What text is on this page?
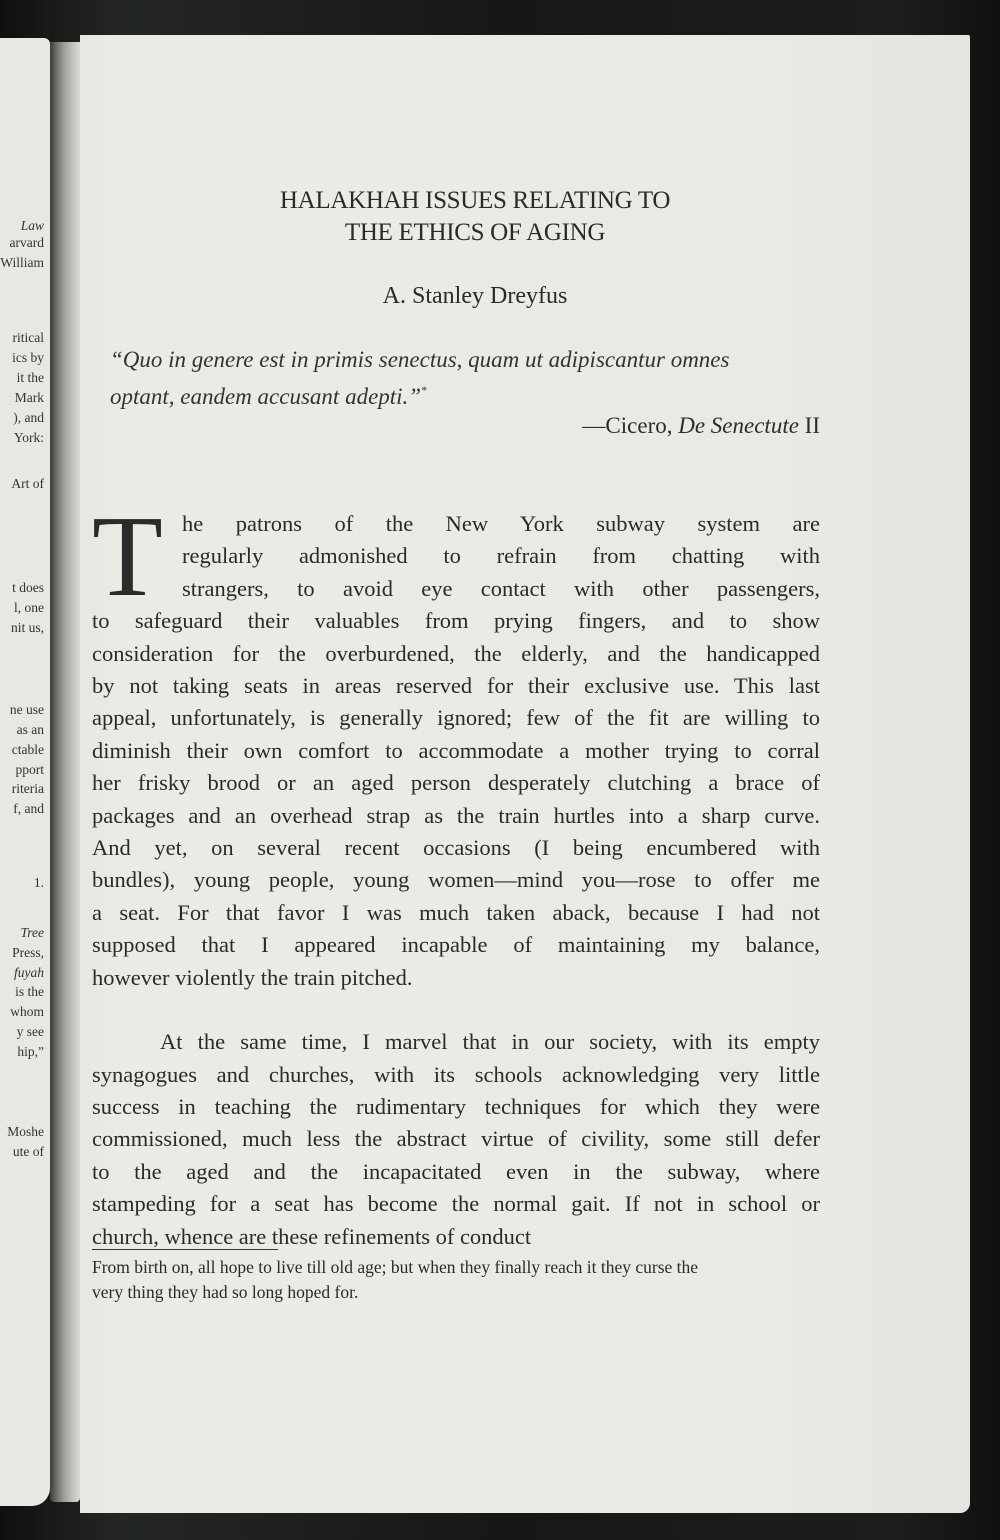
Law
arvard
William
ritical
ics by
it the
Mark
), and
York:
Art of
t does
l, one
nit us,
ne use
as an
ctable
pport
riteria
f, and
1.
Tree
Press,
fuyah
is the
whom
y see
hip,”
Moshe
ute of
HALAKHAH ISSUES RELATING TO
THE ETHICS OF AGING
A. Stanley Dreyfus
“Quo in genere est in primis senectus, quam ut adipiscantur omnes
optant, eandem accusant adepti.”*
—Cicero, De Senectute II
T he patrons of the New York subway system are
regularly admonished to refrain from chatting with
strangers, to avoid eye contact with other passengers,
to safeguard their valuables from prying fingers, and to show
consideration for the overburdened, the elderly, and the handicapped
by not taking seats in areas reserved for their exclusive use. This last
appeal, unfortunately, is generally ignored; few of the fit are willing to
diminish their own comfort to accommodate a mother trying to corral
her frisky brood or an aged person desperately clutching a brace of
packages and an overhead strap as the train hurtles into a sharp curve.
And yet, on several recent occasions (I being encumbered with
bundles), young people, young women—mind you—rose to offer me
a seat. For that favor I was much taken aback, because I had not
supposed that I appeared incapable of maintaining my balance,
however violently the train pitched.
At the same time, I marvel that in our society, with its empty
synagogues and churches, with its schools acknowledging very little
success in teaching the rudimentary techniques for which they were
commissioned, much less the abstract virtue of civility, some still defer
to the aged and the incapacitated even in the subway, where
stampeding for a seat has become the normal gait. If not in school or
church, whence are these refinements of conduct
From birth on, all hope to live till old age; but when they finally reach it they curse the
very thing they had so long hoped for.
